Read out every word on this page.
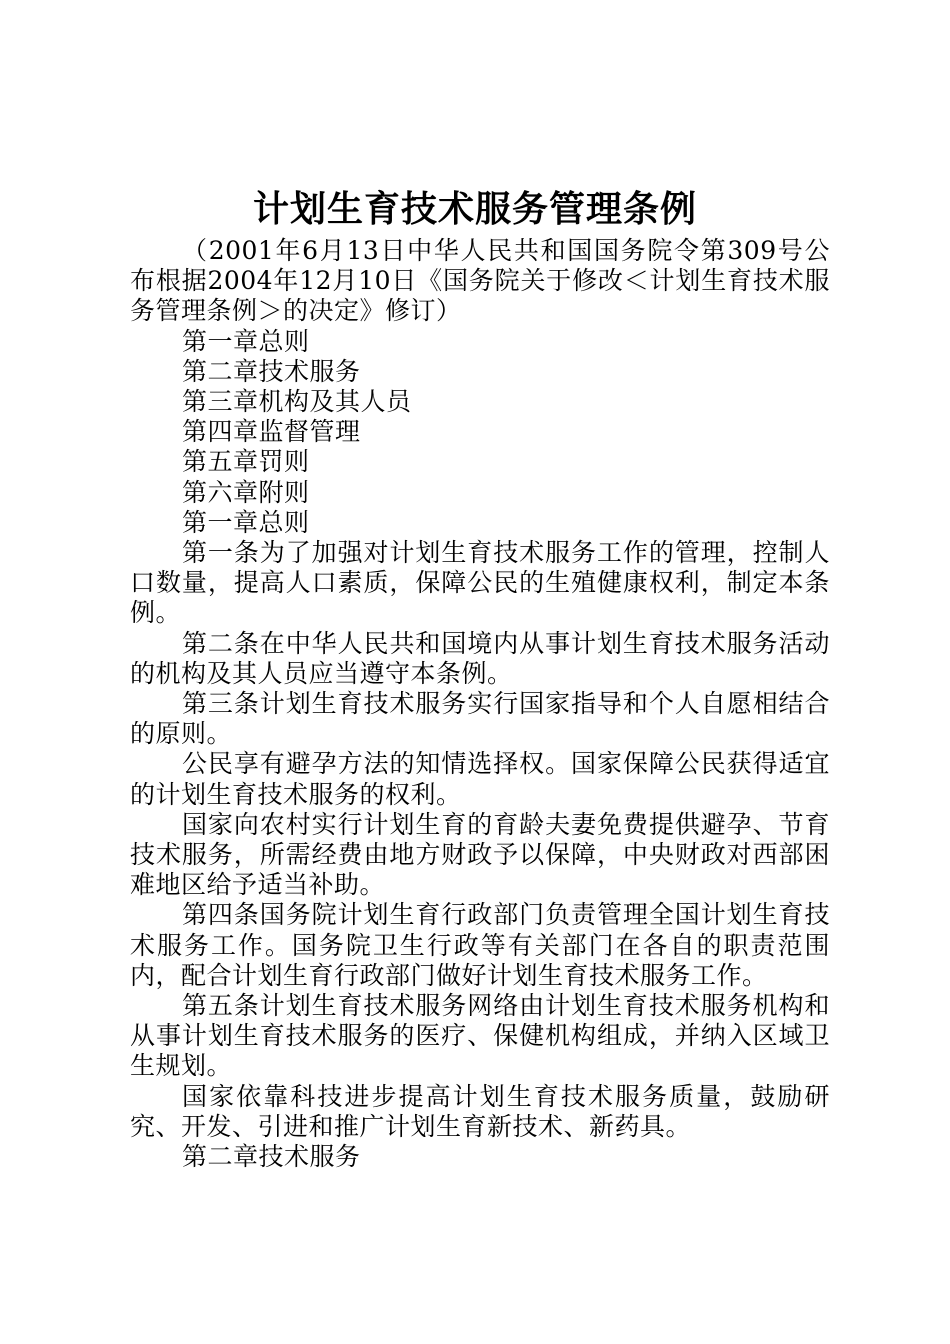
计划生育技术服务管理条例

（2001年6月13日中华人民共和国国务院令第309号公布根据2004年12月10日《国务院关于修改＜计划生育技术服务管理条例＞的决定》修订）

第一章总则

第二章技术服务

第三章机构及其人员

第四章监督管理

第五章罚则

第六章附则

第一章总则

第一条为了加强对计划生育技术服务工作的管理，控制人口数量，提高人口素质，保障公民的生殖健康权利，制定本条例。

第二条在中华人民共和国境内从事计划生育技术服务活动的机构及其人员应当遵守本条例。

第三条计划生育技术服务实行国家指导和个人自愿相结合的原则。

公民享有避孕方法的知情选择权。国家保障公民获得适宜的计划生育技术服务的权利。

国家向农村实行计划生育的育龄夫妻免费提供避孕、节育技术服务，所需经费由地方财政予以保障，中央财政对西部困难地区给予适当补助。

第四条国务院计划生育行政部门负责管理全国计划生育技术服务工作。国务院卫生行政等有关部门在各自的职责范围内，配合计划生育行政部门做好计划生育技术服务工作。

第五条计划生育技术服务网络由计划生育技术服务机构和从事计划生育技术服务的医疗、保健机构组成，并纳入区域卫生规划。

国家依靠科技进步提高计划生育技术服务质量，鼓励研究、开发、引进和推广计划生育新技术、新药具。

第二章技术服务
